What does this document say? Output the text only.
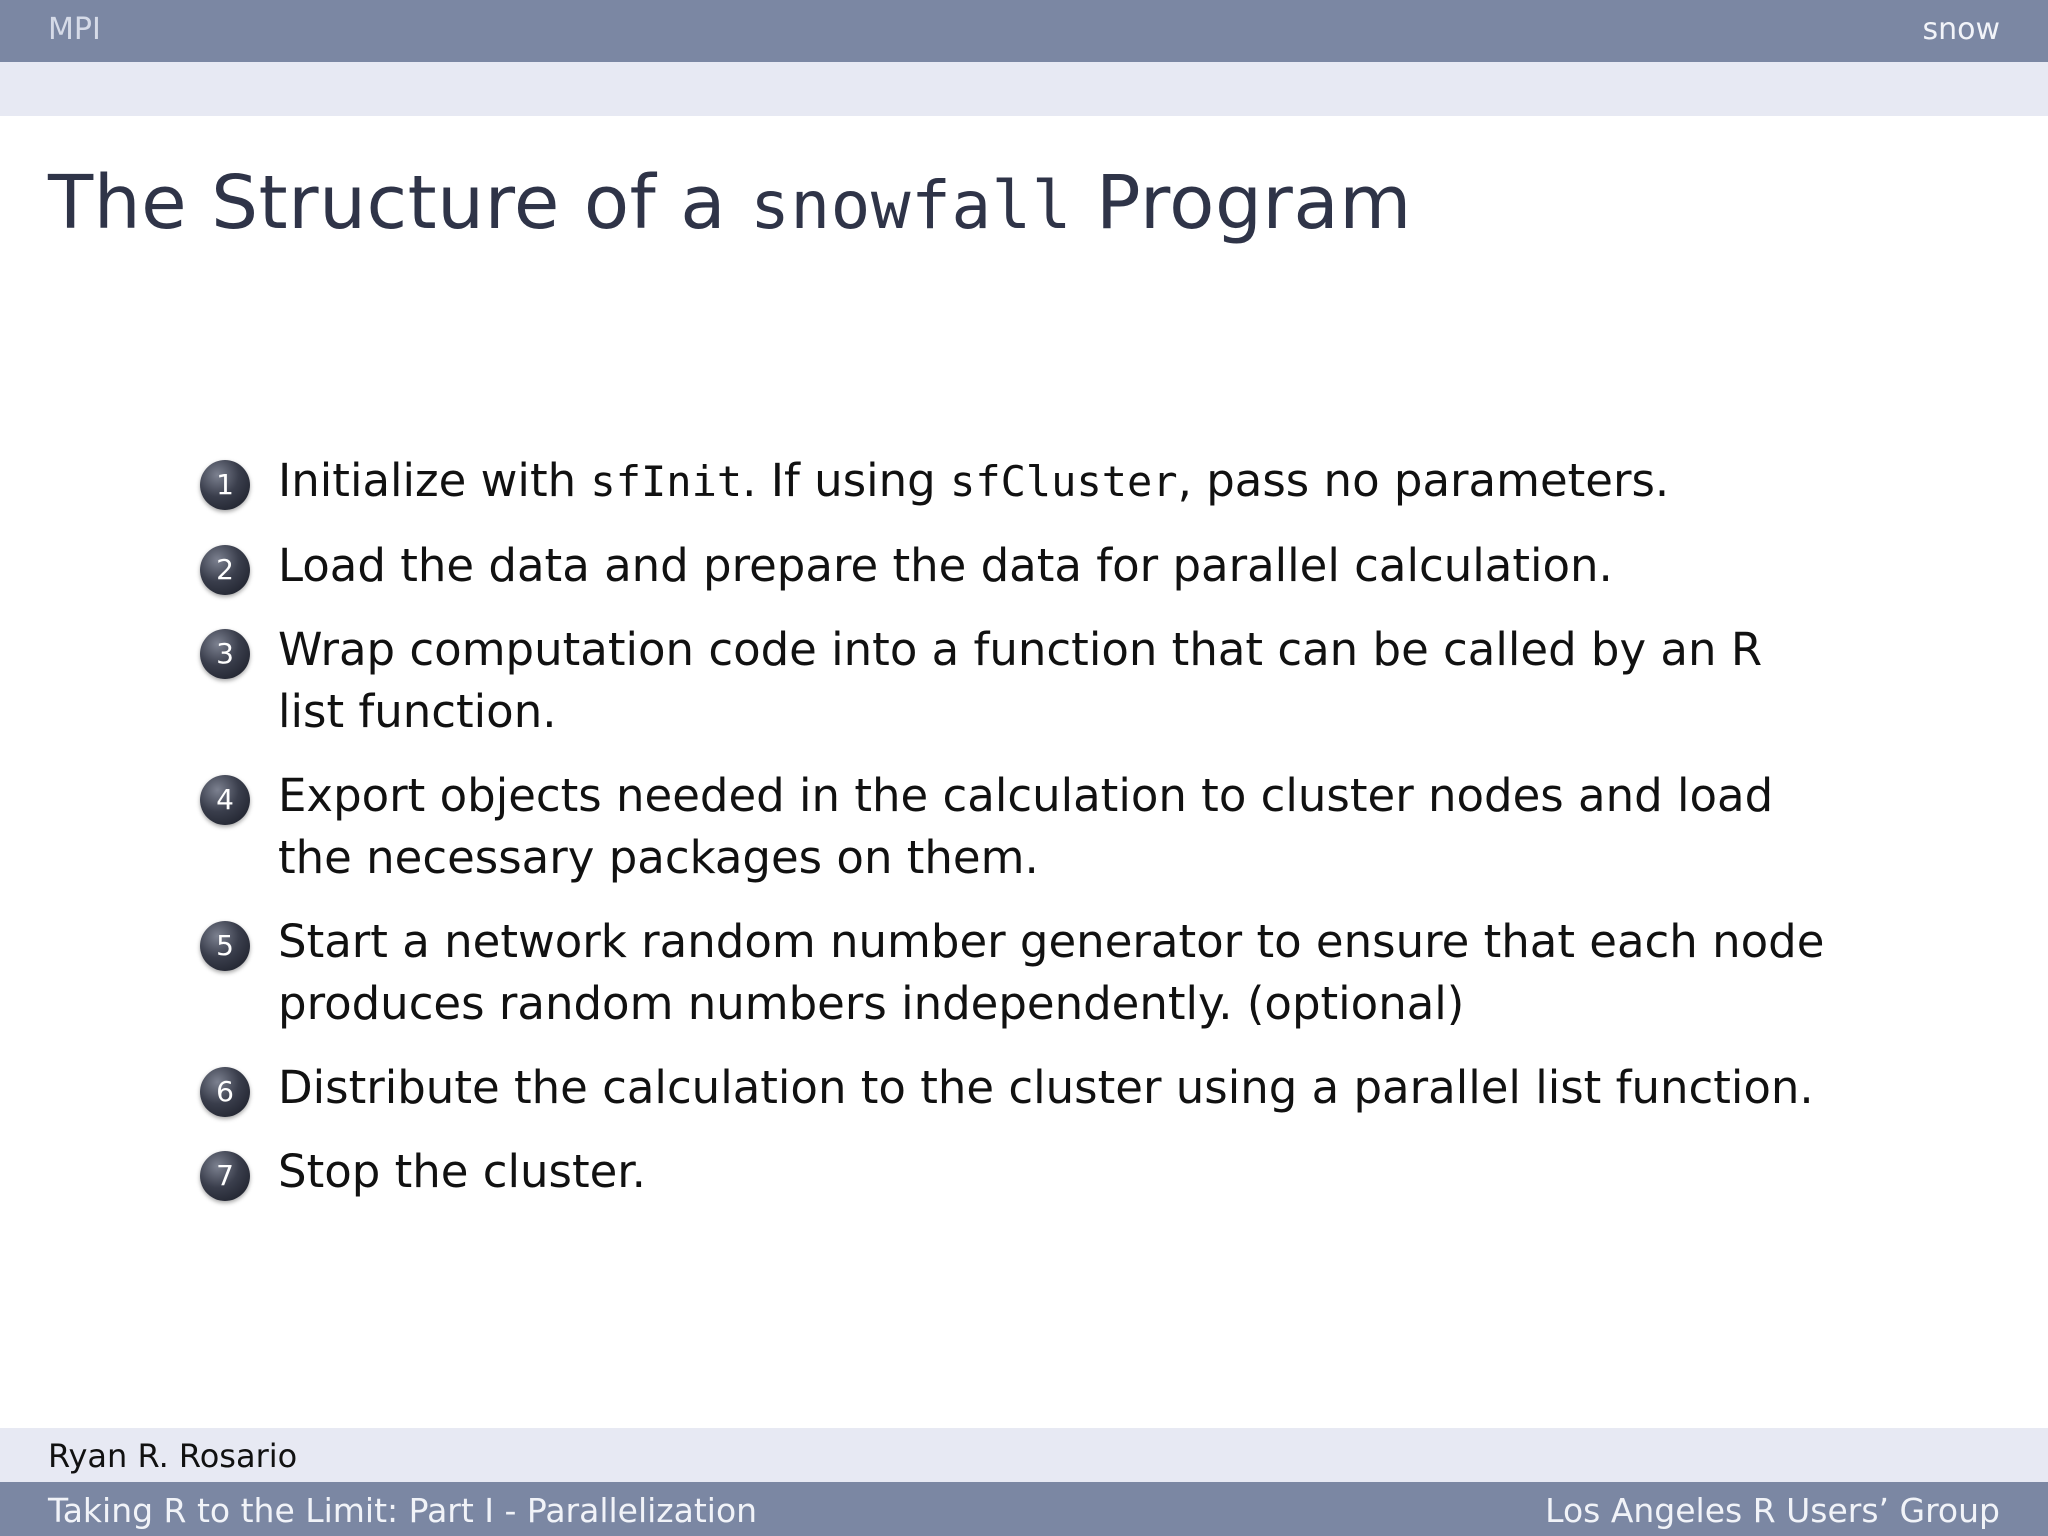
MPI	snow
The Structure of a snowfall Program
1 Initialize with sfInit. If using sfCluster, pass no parameters.
2 Load the data and prepare the data for parallel calculation.
3 Wrap computation code into a function that can be called by an R list function.
4 Export objects needed in the calculation to cluster nodes and load the necessary packages on them.
5 Start a network random number generator to ensure that each node produces random numbers independently. (optional)
6 Distribute the calculation to the cluster using a parallel list function.
7 Stop the cluster.
Ryan R. Rosario
Taking R to the Limit: Part I - Parallelization	Los Angeles R Users’ Group
